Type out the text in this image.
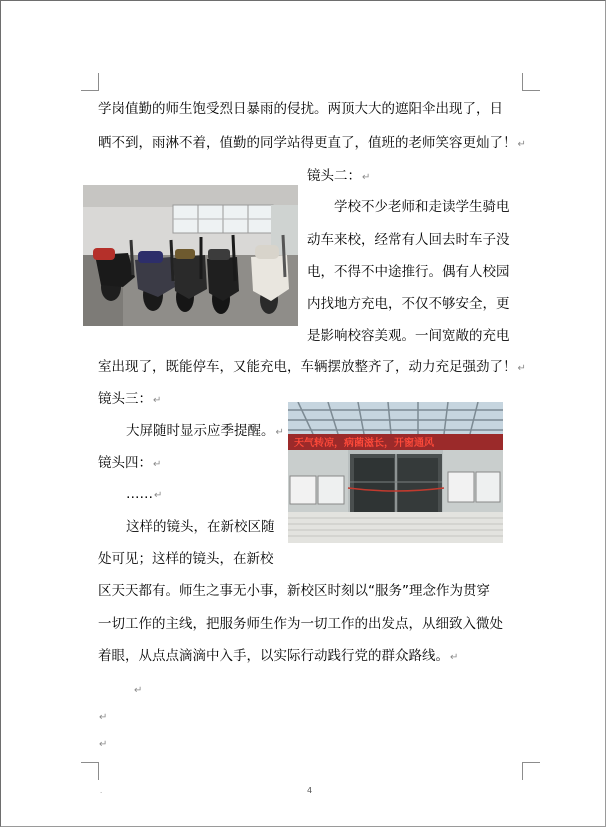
学岗值勤的师生饱受烈日暴雨的侵扰。两顶大大的遮阳伞出现了，日
晒不到，雨淋不着，值勤的同学站得更直了，值班的老师笑容更灿了！↵
镜头二：↵
学校不少老师和走读学生骑电
动车来校，经常有人回去时车子没
电，不得不中途推行。偶有人校园
内找地方充电，不仅不够安全，更
是影响校容美观。一间宽敞的充电
室出现了，既能停车，又能充电，车辆摆放整齐了，动力充足强劲了！↵
镜头三：↵
大屏随时显示应季提醒。↵
镜头四：↵
……↵
这样的镜头，在新校区随
处可见；这样的镜头，在新校
区天天都有。师生之事无小事，新校区时刻以“服务”理念作为贯穿
一切工作的主线，把服务师生作为一切工作的出发点，从细致入微处
着眼，从点点滴滴中入手，以实际行动践行党的群众路线。↵
↵
↵
↵
天气转凉，病菌滋长，开窗通风
·	4
